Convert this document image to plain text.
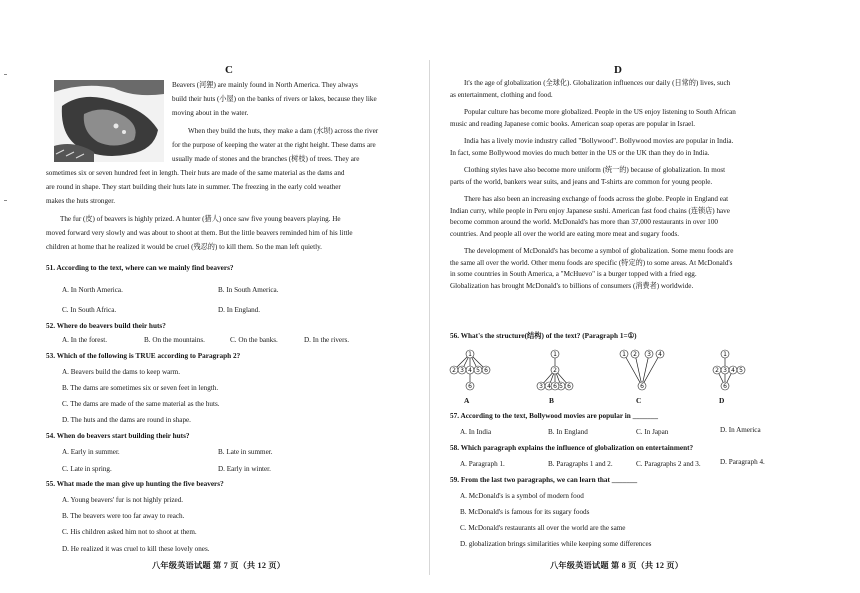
C
Beavers (河狸) are mainly found in North America. They always
build their huts (小屋) on the banks of rivers or lakes, because they like
moving about in the water.
When they build the huts, they make a dam (水坝) across the river
for the purpose of keeping the water at the right height. These dams are
usually made of stones and the branches (树枝) of trees. They are
sometimes six or seven hundred feet in length. Their huts are made of the same material as the dams and
are round in shape. They start building their huts late in summer. The freezing in the early cold weather
makes the huts stronger.
The fur (皮) of beavers is highly prized. A hunter (猎人) once saw five young beavers playing. He
moved forward very slowly and was about to shoot at them. But the little beavers reminded him of his little
children at home that he realized it would be cruel (残忍的) to kill them. So the man left quietly.
51. According to the text, where can we mainly find beavers?
A. In North America.	B. In South America.
C. In South Africa.	D. In England.
52. Where do beavers build their huts?
A. In the forest.	B. On the mountains.	C. On the banks.	D. In the rivers.
53. Which of the following is TRUE according to Paragraph 2?
A. Beavers build the dams to keep warm.
B. The dams are sometimes six or seven feet in length.
C. The dams are made of the same material as the huts.
D. The huts and the dams are round in shape.
54. When do beavers start building their huts?
A. Early in summer.	B. Late in summer.
C. Late in spring.	D. Early in winter.
55. What made the man give up hunting the five beavers?
A. Young beavers' fur is not highly prized.
B. The beavers were too far away to reach.
C. His children asked him not to shoot at them.
D. He realized it was cruel to kill these lovely ones.
八年级英语试题 第 7 页（共 12 页）
D
It's the age of globalization (全球化). Globalization influences our daily (日常的) lives, such
as entertainment, clothing and food.
Popular culture has become more globalized. People in the US enjoy listening to South African
music and reading Japanese comic books. American soap operas are popular in Israel.
India has a lively movie industry called "Bollywood". Bollywood movies are popular in India.
In fact, some Bollywood movies do much better in the US or the UK than they do in India.
Clothing styles have also become more uniform (统一的) because of globalization. In most
parts of the world, bankers wear suits, and jeans and T-shirts are common for young people.
There has also been an increasing exchange of foods across the globe. People in England eat
Indian curry, while people in Peru enjoy Japanese sushi. American fast food chains (连锁店) have
become common around the world. McDonald's has more than 37,000 restaurants in over 100
countries. And people all over the world are eating more meat and sugary foods.
The development of McDonald's has become a symbol of globalization. Some menu foods are
the same all over the world. Other menu foods are specific (特定的) to some areas. At McDonald's
in some countries in South America, a "McHuevo" is a burger topped with a fried egg.
Globalization has brought McDonald's to billions of consumers (消费者) worldwide.
56. What's the structure(结构) of the text? (Paragraph 1=①)
1
2 3 4 5 6
6
1
2
3 4 5 6
6
1 2 3 4
6
1
2 3 4 5
6
A	B	C	D
57. According to the text, Bollywood movies are popular in _______
A. In India	B. In England	C. In Japan	D. In America
58. Which paragraph explains the influence of globalization on entertainment?
A. Paragraph 1.	B. Paragraphs 1 and 2.	C. Paragraphs 2 and 3.	D. Paragraph 4.
59. From the last two paragraphs, we can learn that _______
A. McDonald's is a symbol of modern food
B. McDonald's is famous for its sugary foods
C. McDonald's restaurants all over the world are the same
D. globalization brings similarities while keeping some differences
八年级英语试题 第 8 页（共 12 页）
